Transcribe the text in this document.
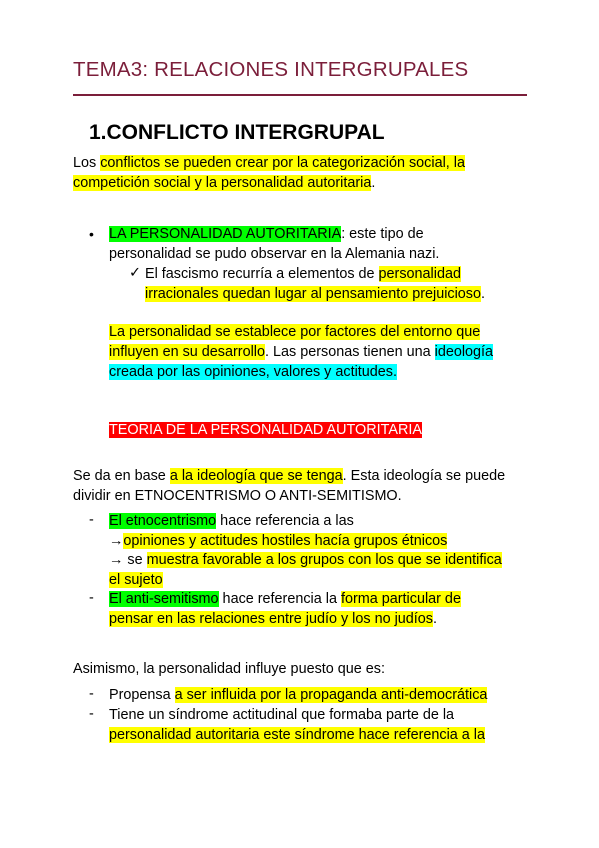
TEMA3: RELACIONES INTERGRUPALES
1.CONFLICTO INTERGRUPAL
Los conflictos se pueden crear por la categorización social, la
competición social y la personalidad autoritaria.
• LA PERSONALIDAD AUTORITARIA: este tipo de
personalidad se pudo observar en la Alemania nazi.
✓ El fascismo recurría a elementos de personalidad
irracionales quedan lugar al pensamiento prejuicioso.
La personalidad se establece por factores del entorno que
influyen en su desarrollo. Las personas tienen una ideología
creada por las opiniones, valores y actitudes.
TEORIA DE LA PERSONALIDAD AUTORITARIA
Se da en base a la ideología que se tenga. Esta ideología se puede
dividir en ETNOCENTRISMO O ANTI-SEMITISMO.
- El etnocentrismo hace referencia a las
→opiniones y actitudes hostiles hacía grupos étnicos
→ se muestra favorable a los grupos con los que se identifica
el sujeto
- El anti-semitismo hace referencia la forma particular de
pensar en las relaciones entre judío y los no judíos.
Asimismo, la personalidad influye puesto que es:
- Propensa a ser influida por la propaganda anti-democrática
- Tiene un síndrome actitudinal que formaba parte de la
personalidad autoritaria este síndrome hace referencia a la
